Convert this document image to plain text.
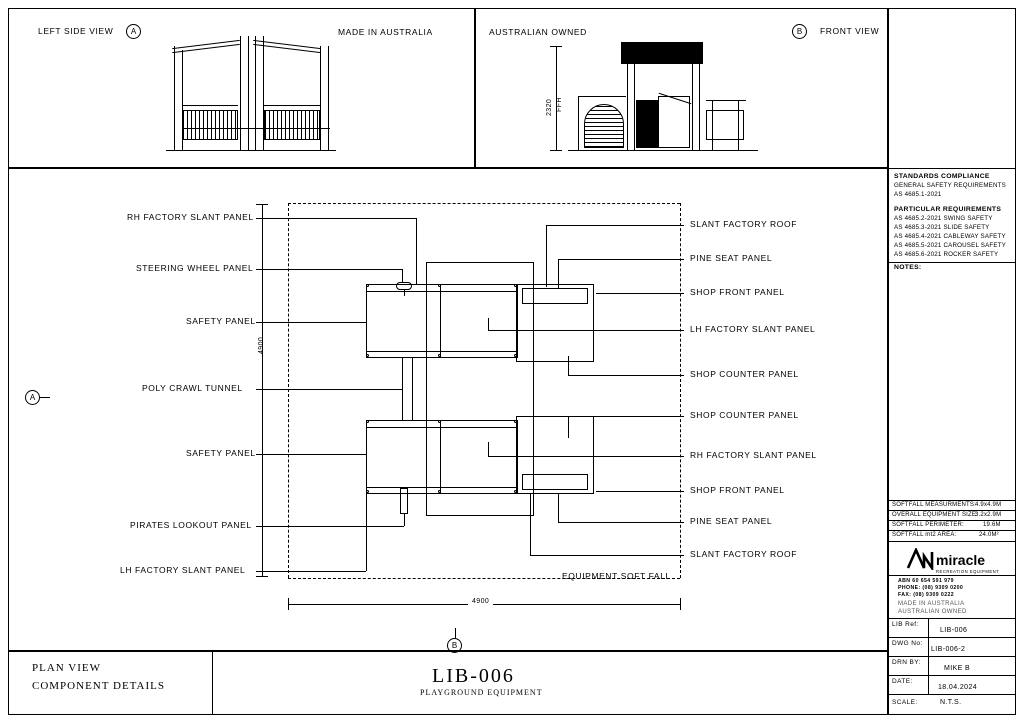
LEFT SIDE VIEW	A	MADE IN AUSTRALIA	AUSTRALIAN OWNED	FRONT VIEW
B
2320 FFH
A
B
EQUIPMENT SOFT FALL
4900
4900
RH FACTORY SLANT PANEL
STEERING WHEEL PANEL
SAFETY PANEL
POLY CRAWL TUNNEL
SAFETY PANEL
PIRATES LOOKOUT PANEL
LH FACTORY SLANT PANEL
SLANT FACTORY ROOF
PINE SEAT PANEL
SHOP FRONT PANEL
LH FACTORY SLANT PANEL
SHOP COUNTER PANEL
SHOP COUNTER PANEL
RH FACTORY SLANT PANEL
SHOP FRONT PANEL
PINE SEAT PANEL
SLANT FACTORY ROOF
PLAN VIEW
COMPONENT DETAILS	LIB-006
PLAYGROUND EQUIPMENT
STANDARDS COMPLIANCE
GENERAL SAFETY REQUIREMENTS
AS 4685.1-2021
PARTICULAR REQUIREMENTS
AS 4685.2-2021 SWING SAFETY
AS 4685.3-2021 SLIDE SAFETY
AS 4685.4-2021 CABLEWAY SAFETY
AS 4685.5-2021 CAROUSEL SAFETY
AS 4685.6-2021 ROCKER SAFETY
NOTES:
SOFTFALL MEASURMENTS: 4.9x4.9M
OVERALL EQUIPMENT SIZE:
3.2x2.9M
SOFTFALL PERIMETER:	19.6M
SOFTFALL mt2 AREA:	24.0M²
miracle
RECREATION EQUIPMENT
ABN 60 654 591 979
PHONE: (08) 9309 0200
FAX: (08) 9309 0222
MADE IN AUSTRALIA
AUSTRALIAN OWNED
LIB Ref:
LIB-006
DWG No:
LIB-006-2
DRN BY:
MIKE B
DATE:
18.04.2024
SCALE:	N.T.S.
